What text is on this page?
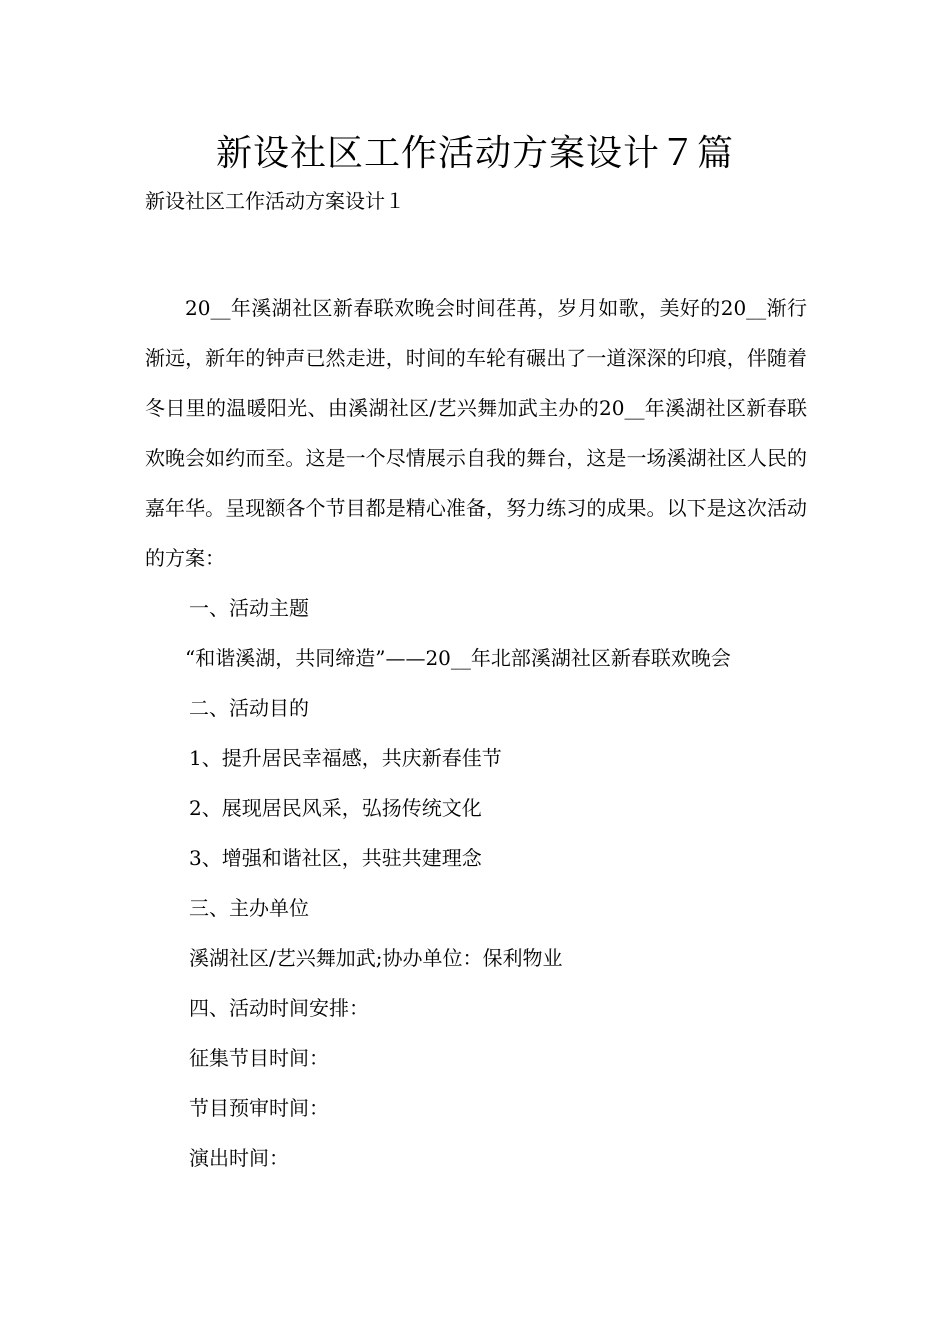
新设社区工作活动方案设计７篇

新设社区工作活动方案设计１

20__年溪湖社区新春联欢晚会时间荏苒，岁月如歌，美好的20__渐行渐远，新年的钟声已然走进，时间的车轮有碾出了一道深深的印痕，伴随着冬日里的温暖阳光、由溪湖社区/艺兴舞加武主办的20__年溪湖社区新春联欢晚会如约而至。这是一个尽情展示自我的舞台，这是一场溪湖社区人民的嘉年华。呈现额各个节目都是精心准备，努力练习的成果。以下是这次活动的方案：

一、活动主题

“和谐溪湖，共同缔造”——20__年北部溪湖社区新春联欢晚会

二、活动目的

1、提升居民幸福感，共庆新春佳节

2、展现居民风采，弘扬传统文化

3、增强和谐社区，共驻共建理念

三、主办单位

溪湖社区/艺兴舞加武;协办单位：保利物业

四、活动时间安排：

征集节目时间：

节目预审时间：

演出时间：
